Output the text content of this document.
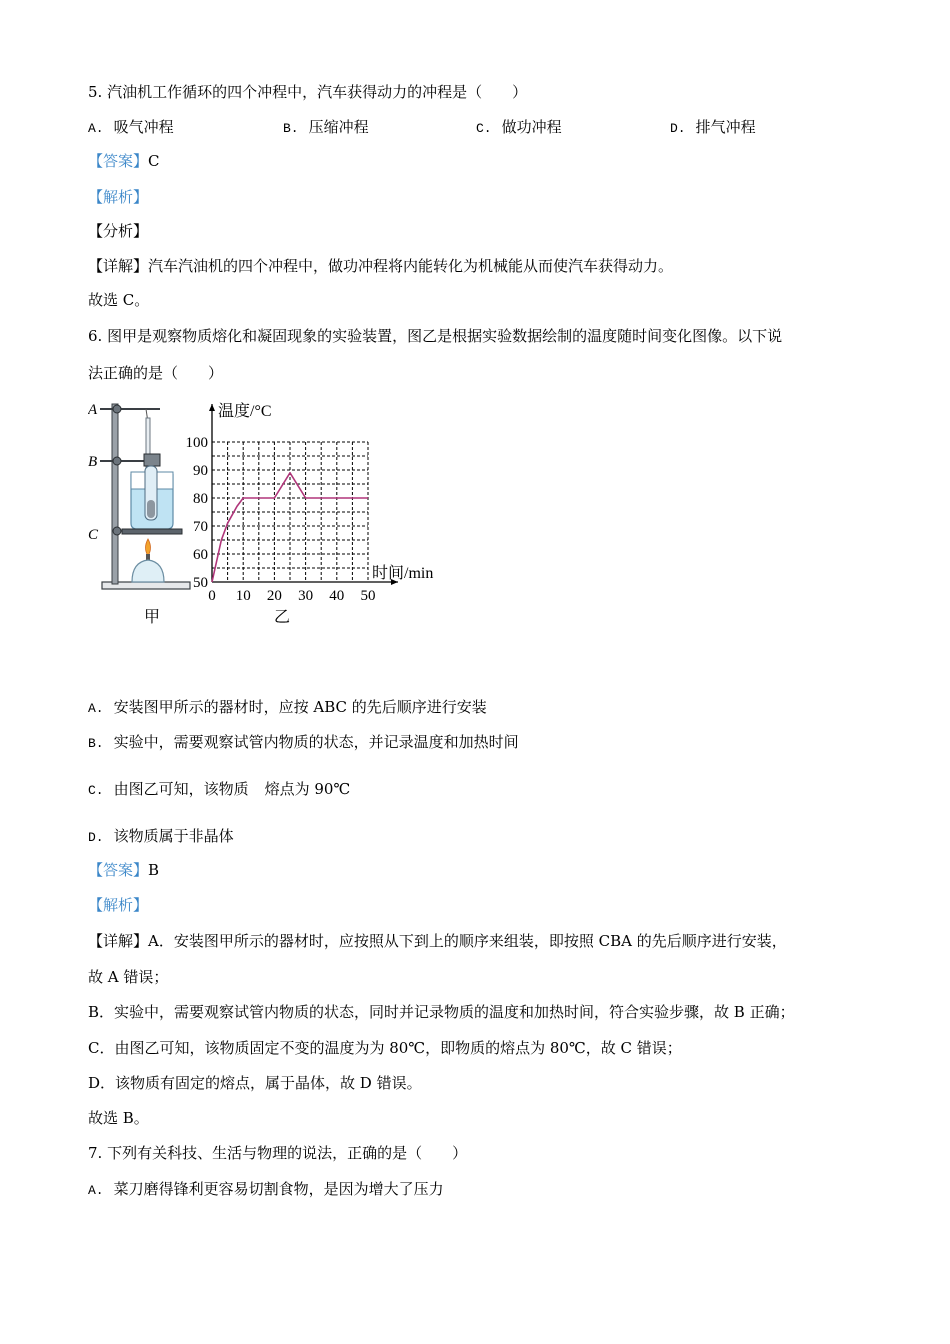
5. 汽油机工作循环的四个冲程中，汽车获得动力的冲程是（　　）
A. 吸气冲程	B. 压缩冲程	C. 做功冲程	D. 排气冲程
【答案】C
【解析】
【分析】
【详解】汽车汽油机的四个冲程中，做功冲程将内能转化为机械能从而使汽车获得动力。
故选 C。
6. 图甲是观察物质熔化和凝固现象的实验装置，图乙是根据实验数据绘制的温度随时间变化图像。以下说
法正确的是（　　）
A
B
C
甲
0 10 20 30 40 50
50
60
70
80
90
100
温度/°C
时间/min
乙
A. 安装图甲所示的器材时，应按 ABC 的先后顺序进行安装
B. 实验中，需要观察试管内物质的状态，并记录温度和加热时间
C. 由图乙可知，该物质 熔点为 90℃
D. 该物质属于非晶体
【答案】B
【解析】
【详解】A．安装图甲所示的器材时，应按照从下到上的顺序来组装，即按照 CBA 的先后顺序进行安装，
故 A 错误；
B．实验中，需要观察试管内物质的状态，同时并记录物质的温度和加热时间，符合实验步骤，故 B 正确；
C．由图乙可知，该物质固定不变的温度为为 80℃，即物质的熔点为 80℃，故 C 错误；
D．该物质有固定的熔点，属于晶体，故 D 错误。
故选 B。
7. 下列有关科技、生活与物理的说法，正确的是（　　）
A. 菜刀磨得锋利更容易切割食物，是因为增大了压力
